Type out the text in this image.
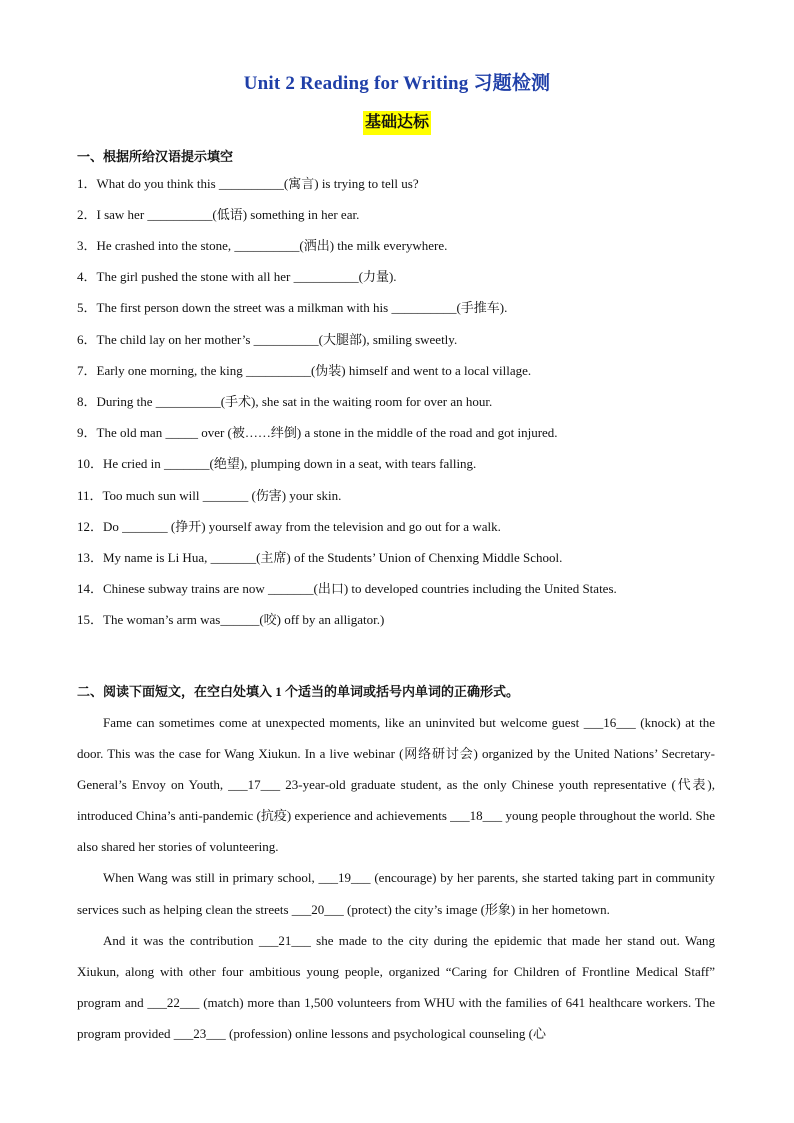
Unit 2 Reading for Writing 习题检测
基础达标
一、根据所给汉语提示填空
1．What do you think this __________(寓言) is trying to tell us?
2．I saw her __________(低语) something in her ear.
3．He crashed into the stone, __________(洒出) the milk everywhere.
4．The girl pushed the stone with all her __________(力量).
5．The first person down the street was a milkman with his __________(手推车).
6．The child lay on her mother’s __________(大腿部), smiling sweetly.
7．Early one morning, the king __________(伪装) himself and went to a local village.
8．During the __________(手术), she sat in the waiting room for over an hour.
9．The old man _____ over (被……绊倒) a stone in the middle of the road and got injured.
10．He cried in _______(绝望), plumping down in a seat, with tears falling.
11．Too much sun will _______ (伤害) your skin.
12．Do _______ (挣开) yourself away from the television and go out for a walk.
13．My name is Li Hua, _______(主席) of the Students’ Union of Chenxing Middle School.
14．Chinese subway trains are now _______(出口) to developed countries including the United States.
15．The woman’s arm was______(咬) off by an alligator.)
二、阅读下面短文，在空白处填入 1 个适当的单词或括号内单词的正确形式。

Fame can sometimes come at unexpected moments, like an uninvited but welcome guest ___16___ (knock) at the door. This was the case for Wang Xiukun. In a live webinar (网络研讨会) organized by the United Nations’ Secretary-General’s Envoy on Youth, ___17___ 23-year-old graduate student, as the only Chinese youth representative (代表), introduced China’s anti-pandemic (抗疫) experience and achievements ___18___ young people throughout the world. She also shared her stories of volunteering.

When Wang was still in primary school, ___19___ (encourage) by her parents, she started taking part in community services such as helping clean the streets ___20___ (protect) the city’s image (形象) in her hometown.

And it was the contribution ___21___ she made to the city during the epidemic that made her stand out. Wang Xiukun, along with other four ambitious young people, organized “Caring for Children of Frontline Medical Staff” program and ___22___ (match) more than 1,500 volunteers from WHU with the families of 641 healthcare workers. The program provided ___23___ (profession) online lessons and psychological counseling (心
